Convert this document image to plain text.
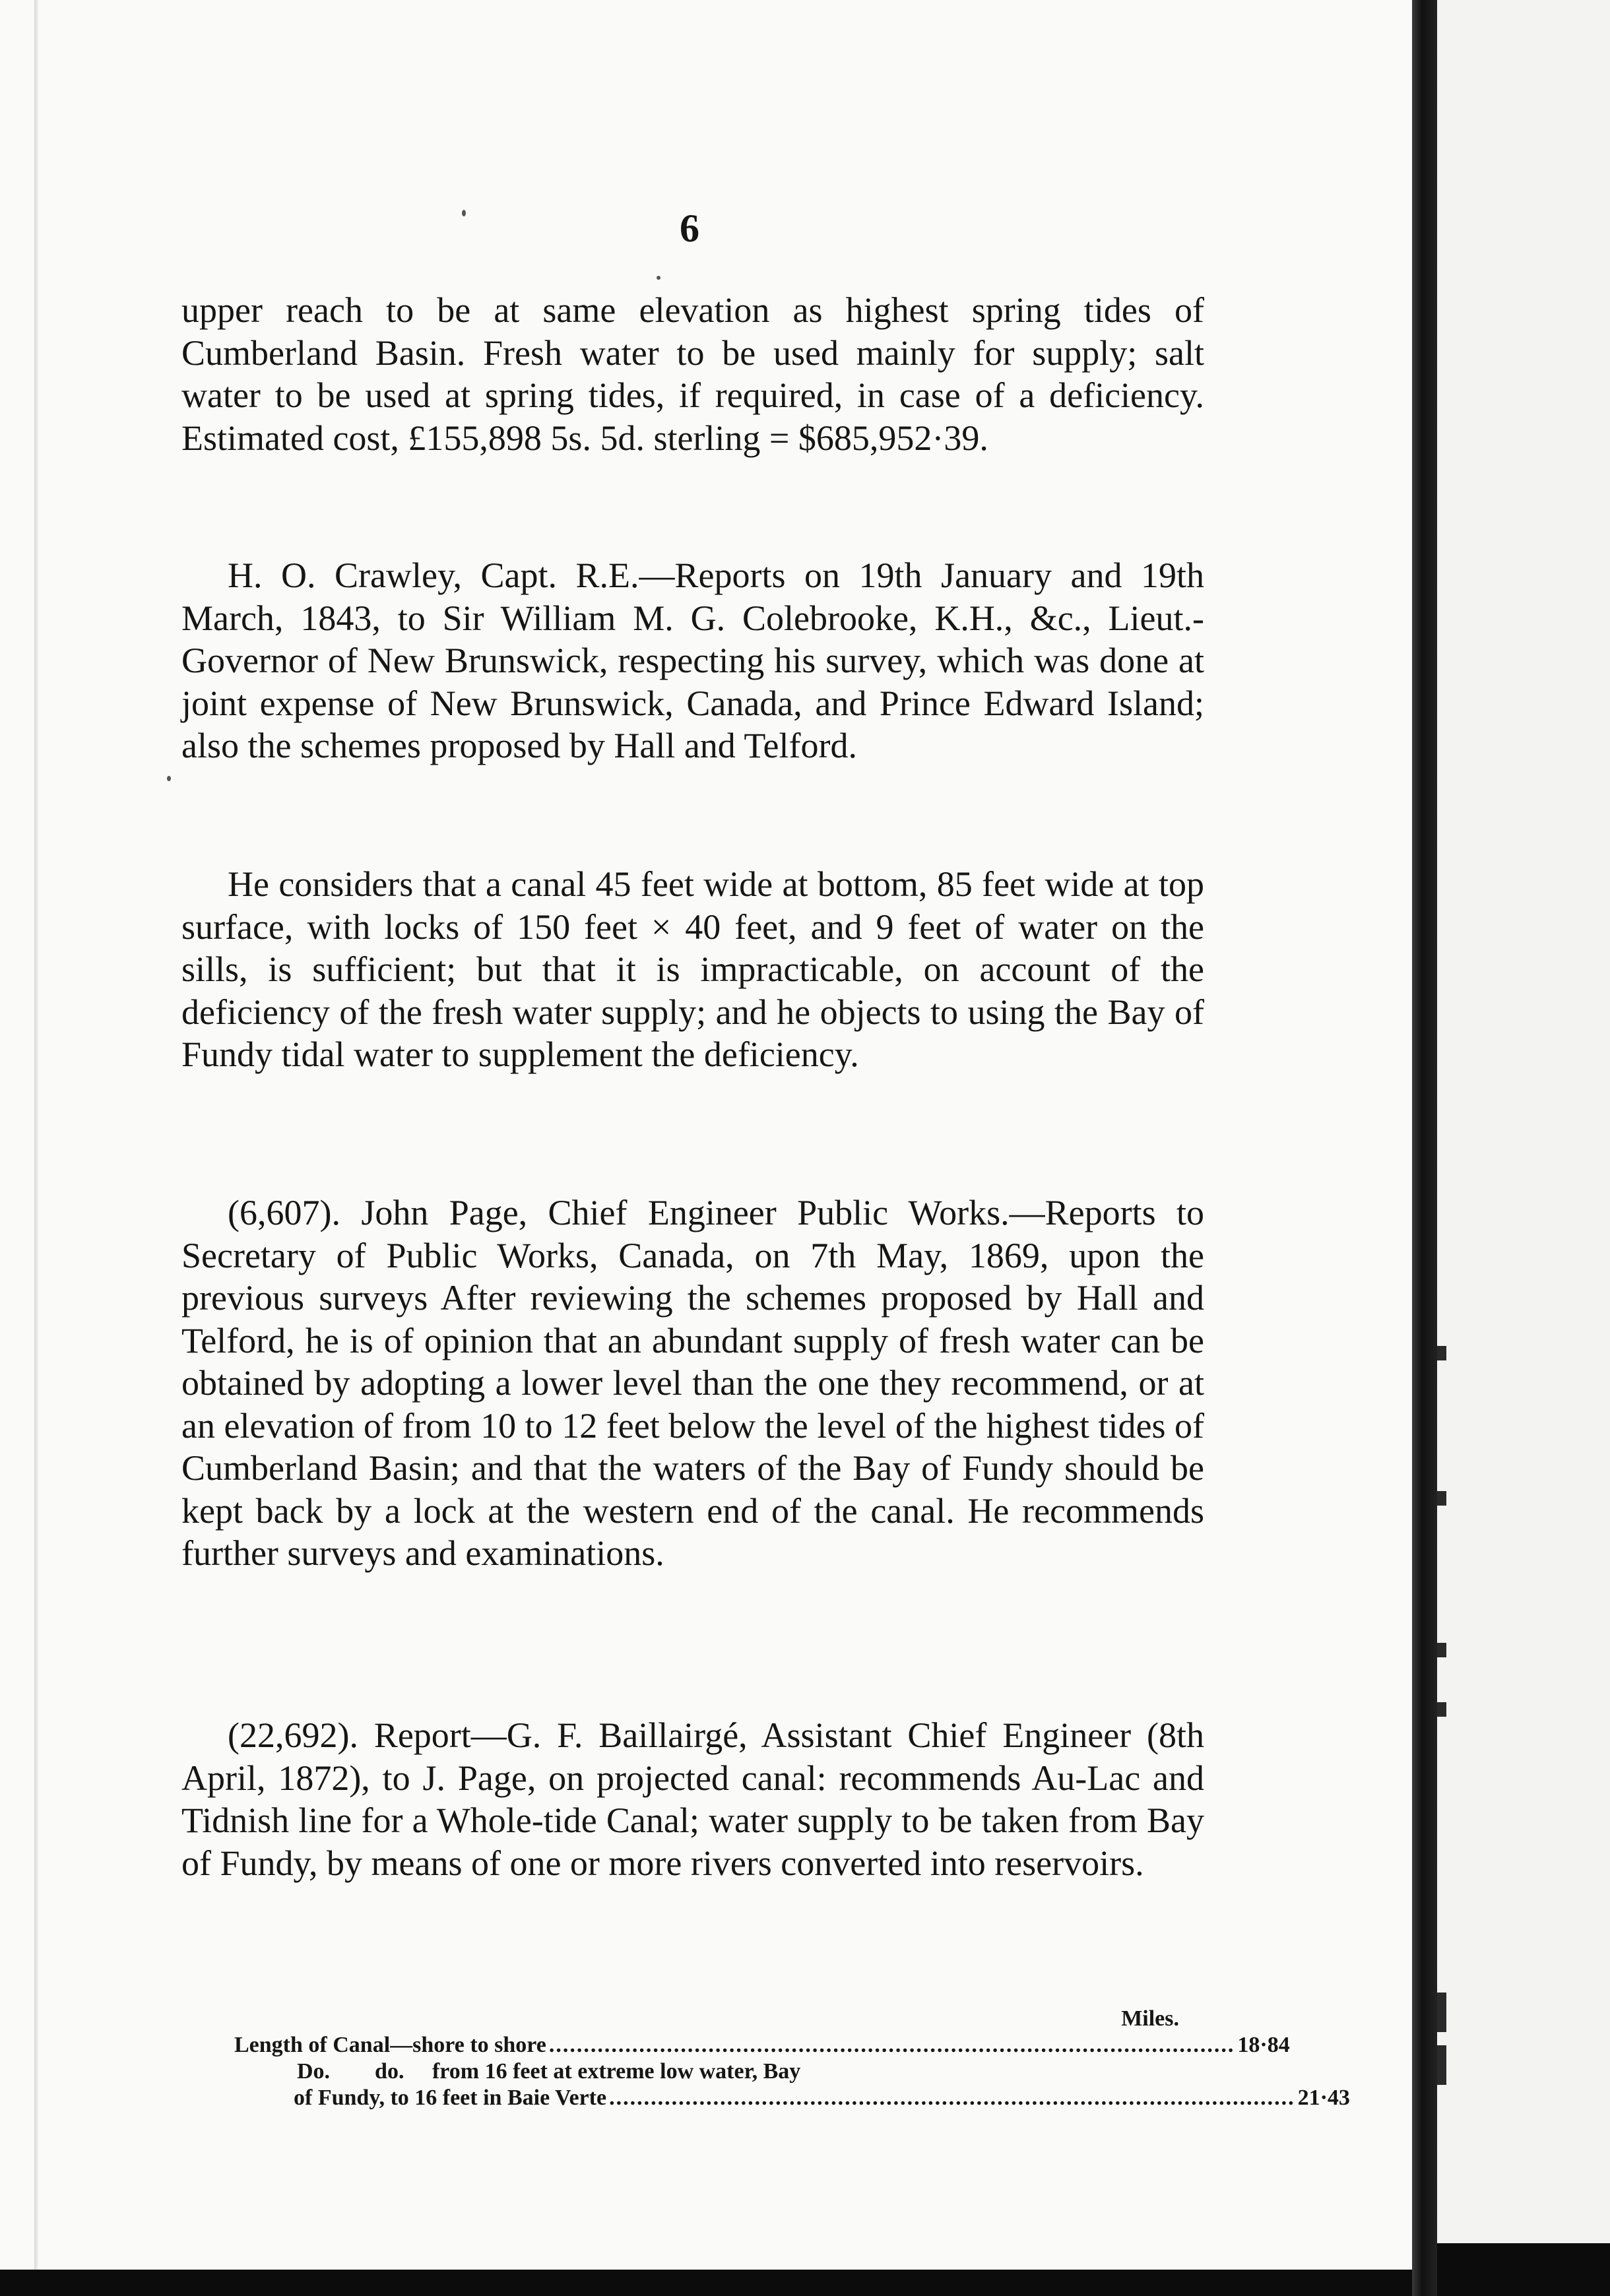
6

upper reach to be at same elevation as highest spring tides of Cumberland Basin. Fresh water to be used mainly for supply; salt water to be used at spring tides, if required, in case of a deficiency. Estimated cost, £155,898 5s. 5d. sterling = $685,952·39.

H. O. Crawley, Capt. R.E.—Reports on 19th January and 19th March, 1843, to Sir William M. G. Colebrooke, K.H., &c., Lieut.-Governor of New Brunswick, respecting his survey, which was done at joint expense of New Brunswick, Canada, and Prince Edward Island; also the schemes proposed by Hall and Telford.

He considers that a canal 45 feet wide at bottom, 85 feet wide at top surface, with locks of 150 feet × 40 feet, and 9 feet of water on the sills, is sufficient; but that it is impracticable, on account of the deficiency of the fresh water supply; and he objects to using the Bay of Fundy tidal water to supplement the deficiency.

(6,607). John Page, Chief Engineer Public Works.—Reports to Secretary of Public Works, Canada, on 7th May, 1869, upon the previous surveys After reviewing the schemes proposed by Hall and Telford, he is of opinion that an abundant supply of fresh water can be obtained by adopting a lower level than the one they recommend, or at an elevation of from 10 to 12 feet below the level of the highest tides of Cumberland Basin; and that the waters of the Bay of Fundy should be kept back by a lock at the western end of the canal. He recommends further surveys and examinations.

(22,692). Report—G. F. Baillairgé, Assistant Chief Engineer (8th April, 1872), to J. Page, on projected canal: recommends Au-Lac and Tidnish line for a Whole-tide Canal; water supply to be taken from Bay of Fundy, by means of one or more rivers converted into reservoirs.

Miles.
Length of Canal—shore to shore ................................................................................................... 18·84
Do.        do.     from 16 feet at extreme low water, Bay
of Fundy, to 16 feet in Baie Verte ................................................................................................... 21·43
